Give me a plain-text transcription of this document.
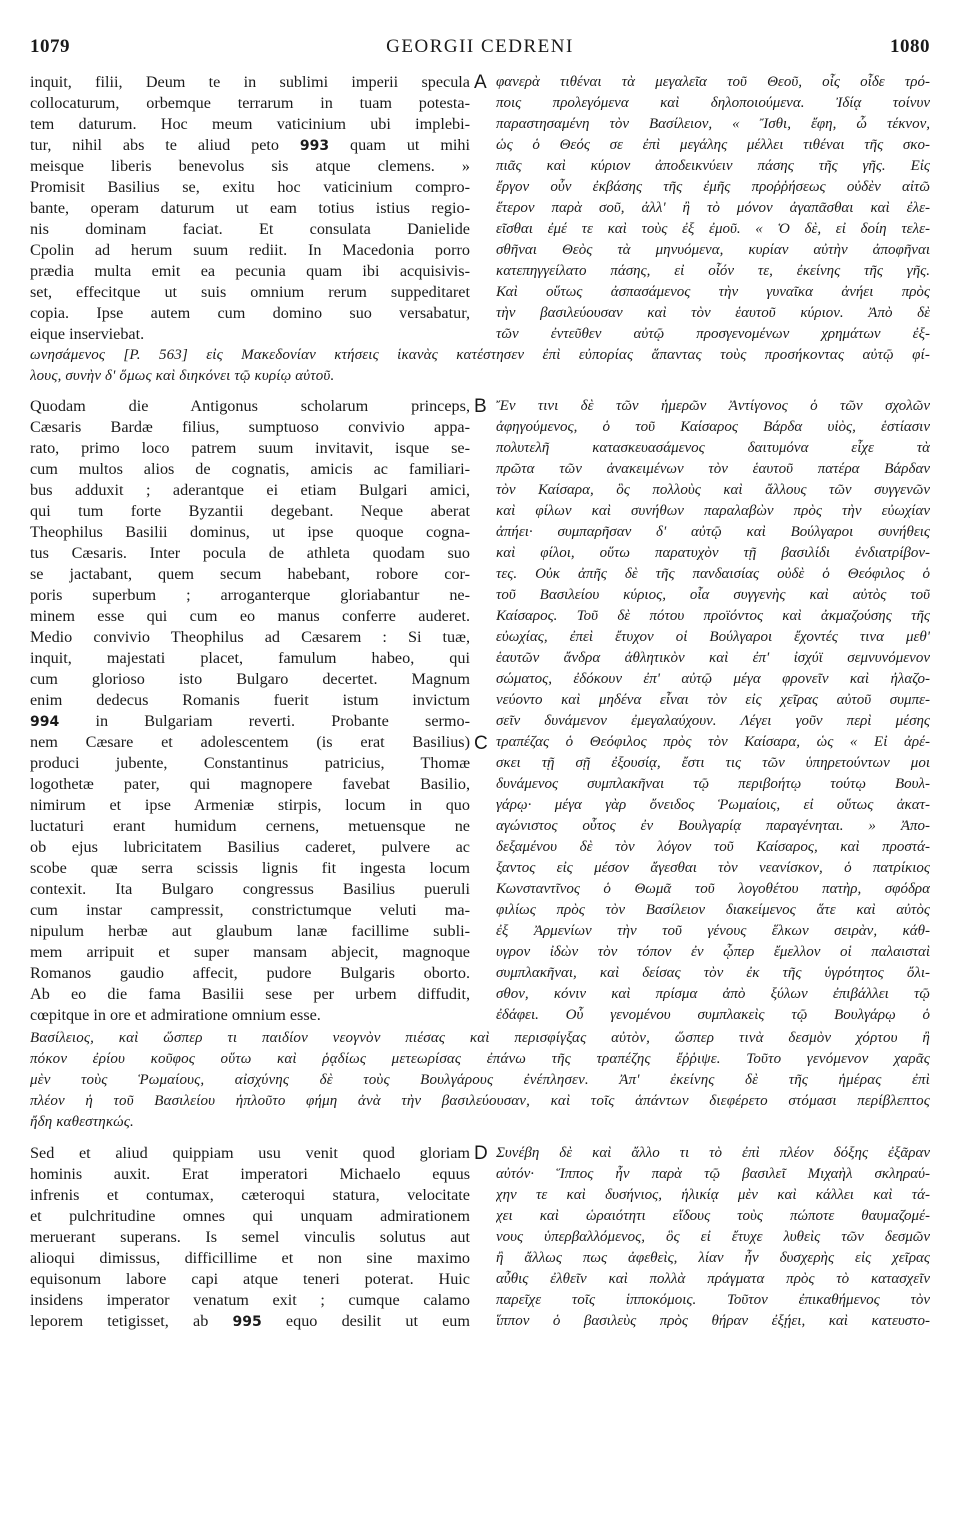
1079	GEORGII CEDRENI	1080
inquit, filii, Deum te in sublimi imperii specula
collocaturum, orbemque terrarum in tuam potesta-
tem daturum. Hoc meum vaticinium ubi implebi-
tur, nihil abs te aliud peto 993 quam ut mihi
meisque liberis benevolus sis atque clemens. »
Promisit Basilius se, exitu hoc vaticinium compro-
bante, operam daturum ut eam totius istius regio-
nis dominam faciat. Et consulata Danielide
Cpolin ad herum suum rediit. In Macedonia porro
prædia multa emit ea pecunia quam ibi acquisivis-
set, effecitque ut suis omnium rerum suppeditaret
copia. Ipse autem cum domino suo versabatur,
eique inserviebat.
A φανερὰ τιθέναι τὰ μεγαλεῖα τοῦ Θεοῦ, οἷς οἶδε τρό-
ποις προλεγόμενα καὶ δηλοποιούμενα. Ἰδίᾳ τοίνυν
παραστησαμένη τὸν Βασίλειον, « Ἴσθι, ἔφη, ὦ τέκνον,
ὡς ὁ Θεός σε ἐπὶ μεγάλης μέλλει τιθέναι τῆς σκο-
πιᾶς καὶ κύριον ἀποδεικνύειν πάσης τῆς γῆς. Εἰς
ἔργον οὖν ἐκβάσης τῆς ἐμῆς προῤῥήσεως οὐδὲν αἰτῶ
ἕτερον παρὰ σοῦ, ἀλλ' ἢ τὸ μόνον ἀγαπᾶσθαι καὶ ἐλε-
εῖσθαι ἐμέ τε καὶ τοὺς ἐξ ἐμοῦ. « Ὁ δὲ, εἰ δοίη τελε-
σθῆναι Θεὸς τὰ μηνυόμενα, κυρίαν αὐτὴν ἀποφῆναι
κατεπηγγείλατο πάσης, εἰ οἷόν τε, ἐκείνης τῆς γῆς.
Καὶ οὕτως ἀσπασάμενος τὴν γυναῖκα ἀνήει πρὸς
τὴν βασιλεύουσαν καὶ τὸν ἑαυτοῦ κύριον. Ἀπὸ δὲ
τῶν ἐντεῦθεν αὐτῷ προσγενομένων χρημάτων ἐξ-
ωνησάμενος [P. 563] εἰς Μακεδονίαν κτήσεις ἱκανὰς κατέστησεν ἐπὶ εὐπορίας ἅπαντας τοὺς προσήκοντας αὐτῷ φί-
λους, συνὴν δ' ὅμως καὶ διηκόνει τῷ κυρίῳ αὐτοῦ.
Quodam die Antigonus scholarum princeps,
Cæsaris Bardæ filius, sumptuoso convivio appa-
rato, primo loco patrem suum invitavit, isque se-
cum multos alios de cognatis, amicis ac familiari-
bus adduxit ; aderantque ei etiam Bulgari amici,
qui tum forte Byzantii degebant. Neque aberat
Theophilus Basilii dominus, ut ipse quoque cogna-
tus Cæsaris. Inter pocula de athleta quodam suo
se jactabant, quem secum habebant, robore cor-
poris superbum ; arroganterque gloriabantur ne-
minem esse qui cum eo manus conferre auderet.
Medio convivio Theophilus ad Cæsarem : Si tuæ,
inquit, majestati placet, famulum habeo, qui
cum glorioso isto Bulgaro decertet. Magnum
enim dedecus Romanis fuerit istum invictum
994 in Bulgariam reverti. Probante sermo-
nem Cæsare et adolescentem (is erat Basilius)
produci jubente, Constantinus patricius, Thomæ
logothetæ pater, qui magnopere favebat Basilio,
nimirum et ipse Armeniæ stirpis, locum in quo
luctaturi erant humidum cernens, metuensque ne
ob ejus lubricitatem Basilius caderet, pulvere ac
scobe quæ serra scissis lignis fit ingesta locum
contexit. Ita Bulgaro congressus Basilius pueruli
cum instar campressit, constrictumque veluti ma-
nipulum herbæ aut glaubum lanæ facillime subli-
mem arripuit et super mansam abjecit, magnoque
Romanos gaudio affecit, pudore Bulgaris oborto.
Ab eo die fama Basilii sese per urbem diffudit,
cœpitque in ore et admiratione omnium esse.
B
C
Ἔν τινι δὲ τῶν ἡμερῶν Ἀντίγονος ὁ τῶν σχολῶν
ἀφηγούμενος, ὁ τοῦ Καίσαρος Βάρδα υἱὸς, ἑστίασιν
πολυτελῆ κατασκευασάμενος δαιτυμόνα εἶχε τὰ
πρῶτα τῶν ἀνακειμένων τὸν ἑαυτοῦ πατέρα Βάρδαν
τὸν Καίσαρα, ὃς πολλοὺς καὶ ἄλλους τῶν συγγενῶν
καὶ φίλων καὶ συνήθων παραλαβὼν πρὸς τὴν εὐωχίαν
ἀπήει· συμπαρῆσαν δ' αὐτῷ καὶ Βούλγαροι συνήθεις
καὶ φίλοι, οὕτω παρατυχὸν τῇ βασιλίδι ἐνδιατρίβον-
τες. Οὐκ ἀπῆς δὲ τῆς πανδαισίας οὐδὲ ὁ Θεόφιλος ὁ
τοῦ Βασιλείου κύριος, οἷα συγγενὴς καὶ αὐτὸς τοῦ
Καίσαρος. Τοῦ δὲ πότου προϊόντος καὶ ἀκμαζούσης τῆς
εὐωχίας, ἐπεὶ ἔτυχον οἱ Βούλγαροι ἔχοντές τινα μεθ'
ἑαυτῶν ἄνδρα ἀθλητικὸν καὶ ἐπ' ἰσχύϊ σεμνυνόμενον
σώματος, ἐδόκουν ἐπ' αὐτῷ μέγα φρονεῖν καὶ ἠλαζο-
νεύοντο καὶ μηδένα εἶναι τὸν εἰς χεῖρας αὐτοῦ συμπε-
σεῖν δυνάμενον ἐμεγαλαύχουν. Λέγει γοῦν περὶ μέσης
τραπέζας ὁ Θεόφιλος πρὸς τὸν Καίσαρα, ὡς « Εἰ ἀρέ-
σκει τῇ σῇ ἐξουσίᾳ, ἔστι τις τῶν ὑπηρετούντων μοι
δυνάμενος συμπλακῆναι τῷ περιβοήτῳ τούτῳ Βουλ-
γάρῳ· μέγα γὰρ ὄνειδος Ῥωμαίοις, εἰ οὕτως ἀκατ-
αγώνιστος οὗτος ἐν Βουλγαρίᾳ παραγένηται. » Ἀπο-
δεξαμένου δὲ τὸν λόγον τοῦ Καίσαρος, καὶ προστά-
ξαντος εἰς μέσον ἄγεσθαι τὸν νεανίσκον, ὁ πατρίκιος
Κωνσταντῖνος ὁ Θωμᾶ τοῦ λογοθέτου πατὴρ, σφόδρα
φιλίως πρὸς τὸν Βασίλειον διακείμενος ἅτε καὶ αὐτὸς
ἐξ Ἀρμενίων τὴν τοῦ γένους ἕλκων σειρὰν, κάθ-
υγρον ἰδὼν τὸν τόπον ἐν ᾧπερ ἔμελλον οἱ παλαισταὶ
συμπλακῆναι, καὶ δείσας τὸν ἐκ τῆς ὑγρότητος ὄλι-
σθον, κόνιν καὶ πρίσμα ἀπὸ ξύλων ἐπιβάλλει τῷ
ἐδάφει. Οὗ γενομένου συμπλακεὶς τῷ Βουλγάρῳ ὁ
Βασίλειος, καὶ ὥσπερ τι παιδίον νεογνὸν πιέσας καὶ περισφίγξας αὐτὸν, ὥσπερ τινὰ δεσμὸν χόρτου ἢ
πόκον ἐρίου κοῦφος οὕτω καὶ ῥᾳδίως μετεωρίσας ἐπάνω τῆς τραπέζης ἔῤῥιψε. Τοῦτο γενόμενον χαρᾶς
μὲν τοὺς Ῥωμαίους, αἰσχύνης δὲ τοὺς Βουλγάρους ἐνέπλησεν. Ἀπ' ἐκείνης δὲ τῆς ἡμέρας ἐπὶ
πλέον ἡ τοῦ Βασιλείου ἡπλοῦτο φήμη ἀνὰ τὴν βασιλεύουσαν, καὶ τοῖς ἁπάντων διεφέρετο στόμασι περίβλεπτος
ἤδη καθεστηκώς.
Sed et aliud quippiam usu venit quod gloriam
hominis auxit. Erat imperatori Michaelo equus
infrenis et contumax, cæteroqui statura, velocitate
et pulchritudine omnes qui unquam admirationem
meruerant superans. Is semel vinculis solutus aut
alioqui dimissus, difficillime et non sine maximo
equisonum labore capi atque teneri poterat. Huic
insidens imperator venatum exit ; cumque calamo
leporem tetigisset, ab 995 equo desilit ut eum
D Συνέβη δὲ καὶ ἄλλο τι τὸ ἐπὶ πλέον δόξης ἐξᾶραν
αὐτόν· Ἵππος ἦν παρὰ τῷ βασιλεῖ Μιχαὴλ σκληραύ-
χην τε καὶ δυσήνιος, ἡλικίᾳ μὲν καὶ κάλλει καὶ τά-
χει καὶ ὡραιότητι εἴδους τοὺς πώποτε θαυμαζομέ-
νους ὑπερβαλλόμενος, ὃς εἰ ἔτυχε λυθεὶς τῶν δεσμῶν
ἢ ἄλλως πως ἀφεθεὶς, λίαν ἦν δυσχερὴς εἰς χεῖρας
αὖθις ἐλθεῖν καὶ πολλὰ πράγματα πρὸς τὸ κατασχεῖν
παρεῖχε τοῖς ἱπποκόμοις. Τοῦτον ἐπικαθήμενος τὸν
ἵππον ὁ βασιλεὺς πρὸς θήραν ἐξῄει, καὶ κατευστο-
